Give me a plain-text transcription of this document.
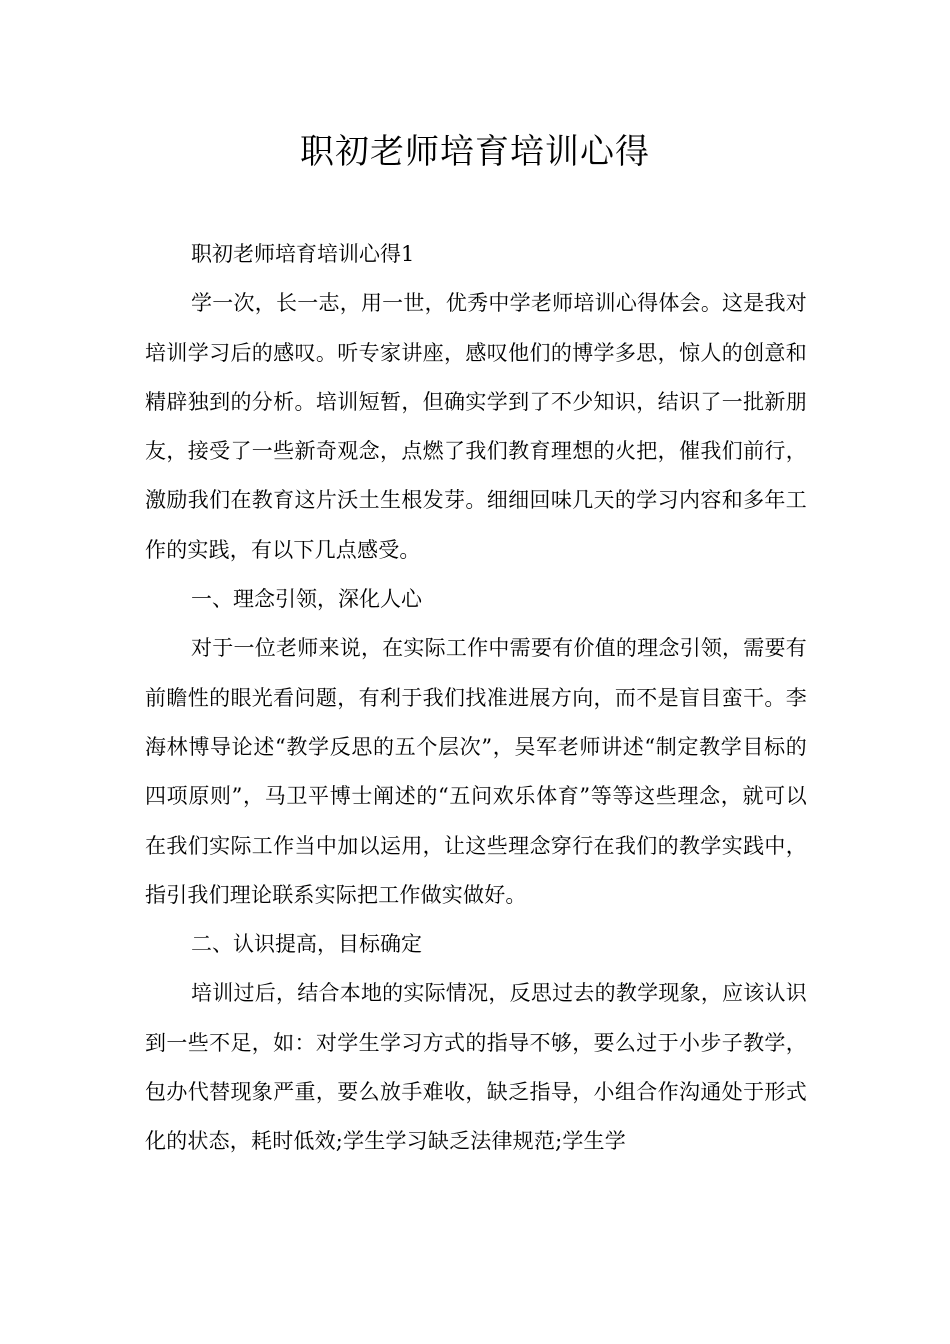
职初老师培育培训心得

职初老师培育培训心得1

学一次，长一志，用一世，优秀中学老师培训心得体会。这是我对培训学习后的感叹。听专家讲座，感叹他们的博学多思，惊人的创意和精辟独到的分析。培训短暂，但确实学到了不少知识，结识了一批新朋友，接受了一些新奇观念，点燃了我们教育理想的火把，催我们前行，激励我们在教育这片沃土生根发芽。细细回味几天的学习内容和多年工作的实践，有以下几点感受。

一、理念引领，深化人心

对于一位老师来说，在实际工作中需要有价值的理念引领，需要有前瞻性的眼光看问题，有利于我们找准进展方向，而不是盲目蛮干。李海林博导论述“教学反思的五个层次”，吴军老师讲述“制定教学目标的四项原则”，马卫平博士阐述的“五问欢乐体育”等等这些理念，就可以在我们实际工作当中加以运用，让这些理念穿行在我们的教学实践中，指引我们理论联系实际把工作做实做好。

二、认识提高，目标确定

培训过后，结合本地的实际情况，反思过去的教学现象，应该认识到一些不足，如：对学生学习方式的指导不够，要么过于小步子教学，包办代替现象严重，要么放手难收，缺乏指导，小组合作沟通处于形式化的状态，耗时低效;学生学习缺乏法律规范;学生学
